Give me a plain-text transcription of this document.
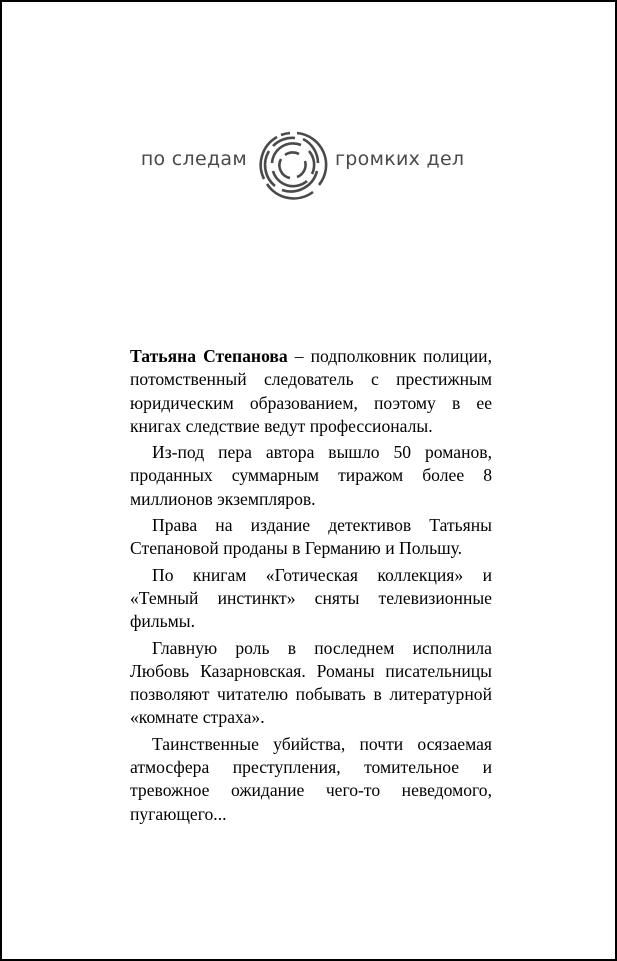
по следам	громких дел

Татьяна Степанова – подполковник полиции, потомственный следователь с престижным юридическим образованием, поэтому в ее книгах следствие ведут профессионалы.

Из-под пера автора вышло 50 романов, проданных суммарным тиражом более 8 миллионов экземпляров.

Права на издание детективов Татьяны Степановой проданы в Германию и Польшу.

По книгам «Готическая коллекция» и «Темный инстинкт» сняты телевизионные фильмы.

Главную роль в последнем исполнила Любовь Казарновская. Романы писательницы позволяют читателю побывать в литературной «комнате страха».

Таинственные убийства, почти осязаемая атмосфера преступления, томительное и тревожное ожидание чего-то неведомого, пугающего...
